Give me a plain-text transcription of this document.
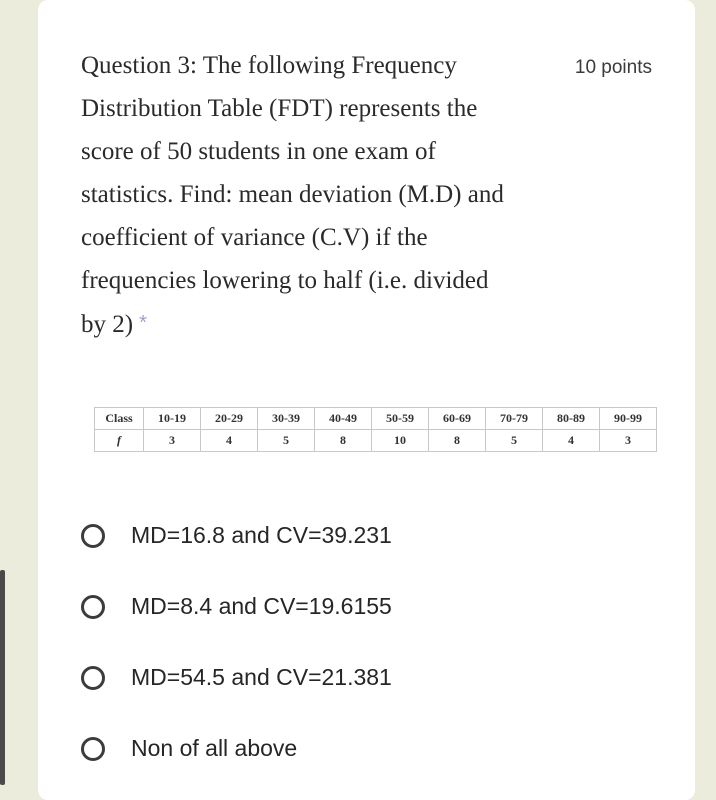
10 points
Question 3: The following Frequency
Distribution Table (FDT) represents the
score of 50 students in one exam of
statistics. Find: mean deviation (M.D) and
coefficient of variance (C.V) if the
frequencies lowering to half (i.e. divided
by 2) *
Class	10-19	20-29	30-39	40-49	50-59	60-69	70-79	80-89	90-99
f	3	4	5	8	10	8	5	4	3
MD=16.8 and CV=39.231
MD=8.4 and CV=19.6155
MD=54.5 and CV=21.381
Non of all above
